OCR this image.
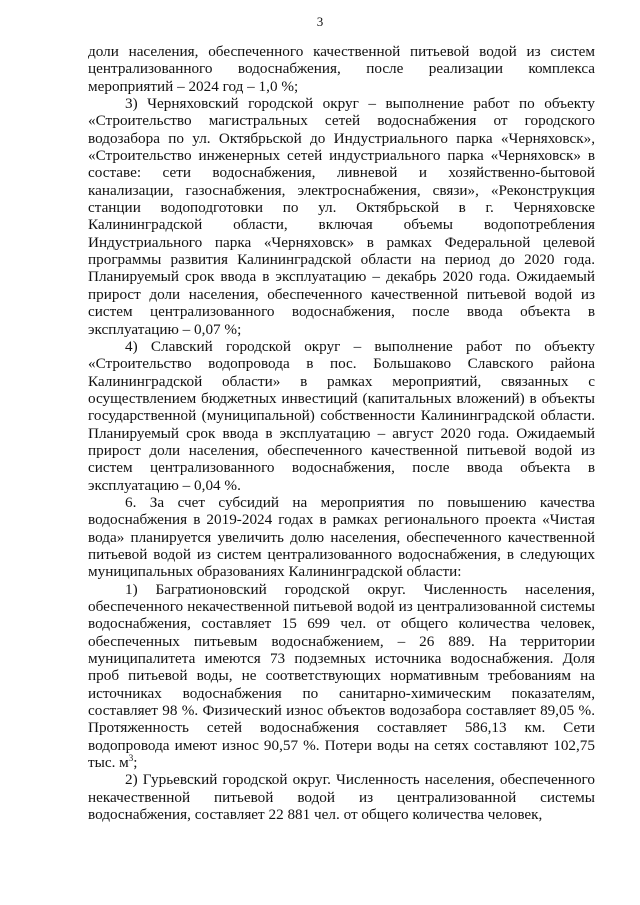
3

доли населения, обеспеченного качественной питьевой водой из систем централизованного водоснабжения, после реализации комплекса мероприятий – 2024 год – 1,0 %;

3) Черняховский городской округ – выполнение работ по объекту «Строительство магистральных сетей водоснабжения от городского водозабора по ул. Октябрьской до Индустриального парка «Черняховск», «Строительство инженерных сетей индустриального парка «Черняховск» в составе: сети водоснабжения, ливневой и хозяйственно-бытовой канализации, газоснабжения, электроснабжения, связи», «Реконструкция станции водоподготовки по ул. Октябрьской в г. Черняховске Калининградской области, включая объемы водопотребления Индустриального парка «Черняховск» в рамках Федеральной целевой программы развития Калининградской области на период до 2020 года. Планируемый срок ввода в эксплуатацию – декабрь 2020 года. Ожидаемый прирост доли населения, обеспеченного качественной питьевой водой из систем централизованного водоснабжения, после ввода объекта в эксплуатацию – 0,07 %;

4) Славский городской округ – выполнение работ по объекту «Строительство водопровода в пос. Большаково Славского района Калининградской области» в рамках мероприятий, связанных с осуществлением бюджетных инвестиций (капитальных вложений) в объекты государственной (муниципальной) собственности Калининградской области. Планируемый срок ввода в эксплуатацию – август 2020 года. Ожидаемый прирост доли населения, обеспеченного качественной питьевой водой из систем централизованного водоснабжения, после ввода объекта в эксплуатацию – 0,04 %.

6. За счет субсидий на мероприятия по повышению качества водоснабжения в 2019-2024 годах в рамках регионального проекта «Чистая вода» планируется увеличить долю населения, обеспеченного качественной питьевой водой из систем централизованного водоснабжения, в следующих муниципальных образованиях Калининградской области:

1) Багратионовский городской округ. Численность населения, обеспеченного некачественной питьевой водой из централизованной системы водоснабжения, составляет 15 699 чел. от общего количества человек, обеспеченных питьевым водоснабжением, – 26 889. На территории муниципалитета имеются 73 подземных источника водоснабжения. Доля проб питьевой воды, не соответствующих нормативным требованиям на источниках водоснабжения по санитарно-химическим показателям, составляет 98 %. Физический износ объектов водозабора составляет 89,05 %. Протяженность сетей водоснабжения составляет 586,13 км. Сети водопровода имеют износ 90,57 %. Потери воды на сетях составляют 102,75 тыс. $м^3$;

2) Гурьевский городской округ. Численность населения, обеспеченного некачественной питьевой водой из централизованной системы водоснабжения, составляет 22 881 чел. от общего количества человек,
